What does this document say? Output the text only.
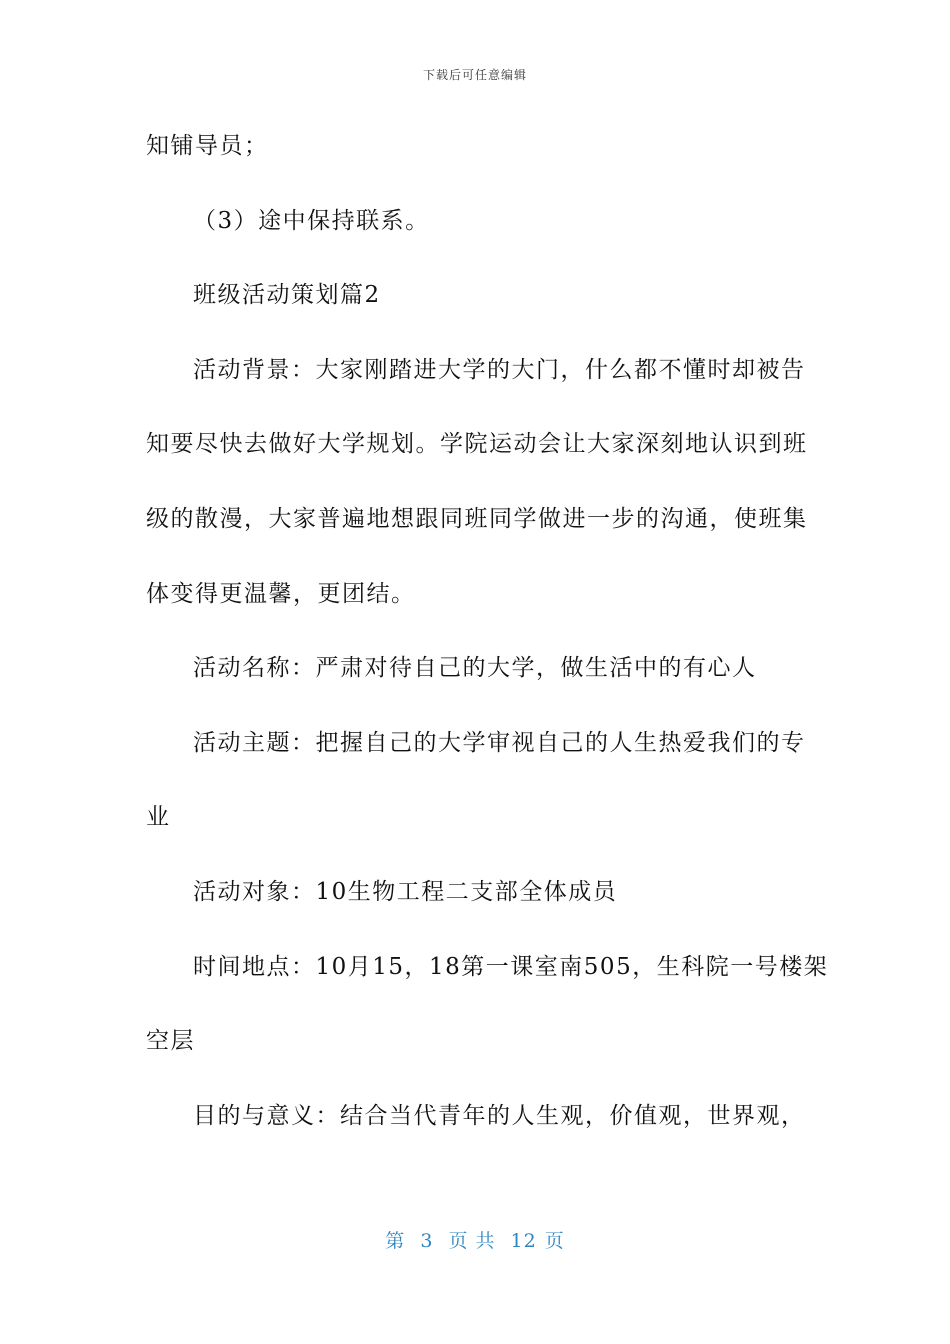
下载后可任意编辑
知铺导员；
（3）途中保持联系。
班级活动策划篇2
活动背景：大家刚踏进大学的大门，什么都不懂时却被告
知要尽快去做好大学规划。学院运动会让大家深刻地认识到班
级的散漫，大家普遍地想跟同班同学做进一步的沟通，使班集
体变得更温馨，更团结。
活动名称：严肃对待自己的大学，做生活中的有心人
活动主题：把握自己的大学审视自己的人生热爱我们的专
业
活动对象：10生物工程二支部全体成员
时间地点：10月15，18第一课室南505，生科院一号楼架
空层
目的与意义：结合当代青年的人生观，价值观，世界观，
第 3 页 共 12 页
